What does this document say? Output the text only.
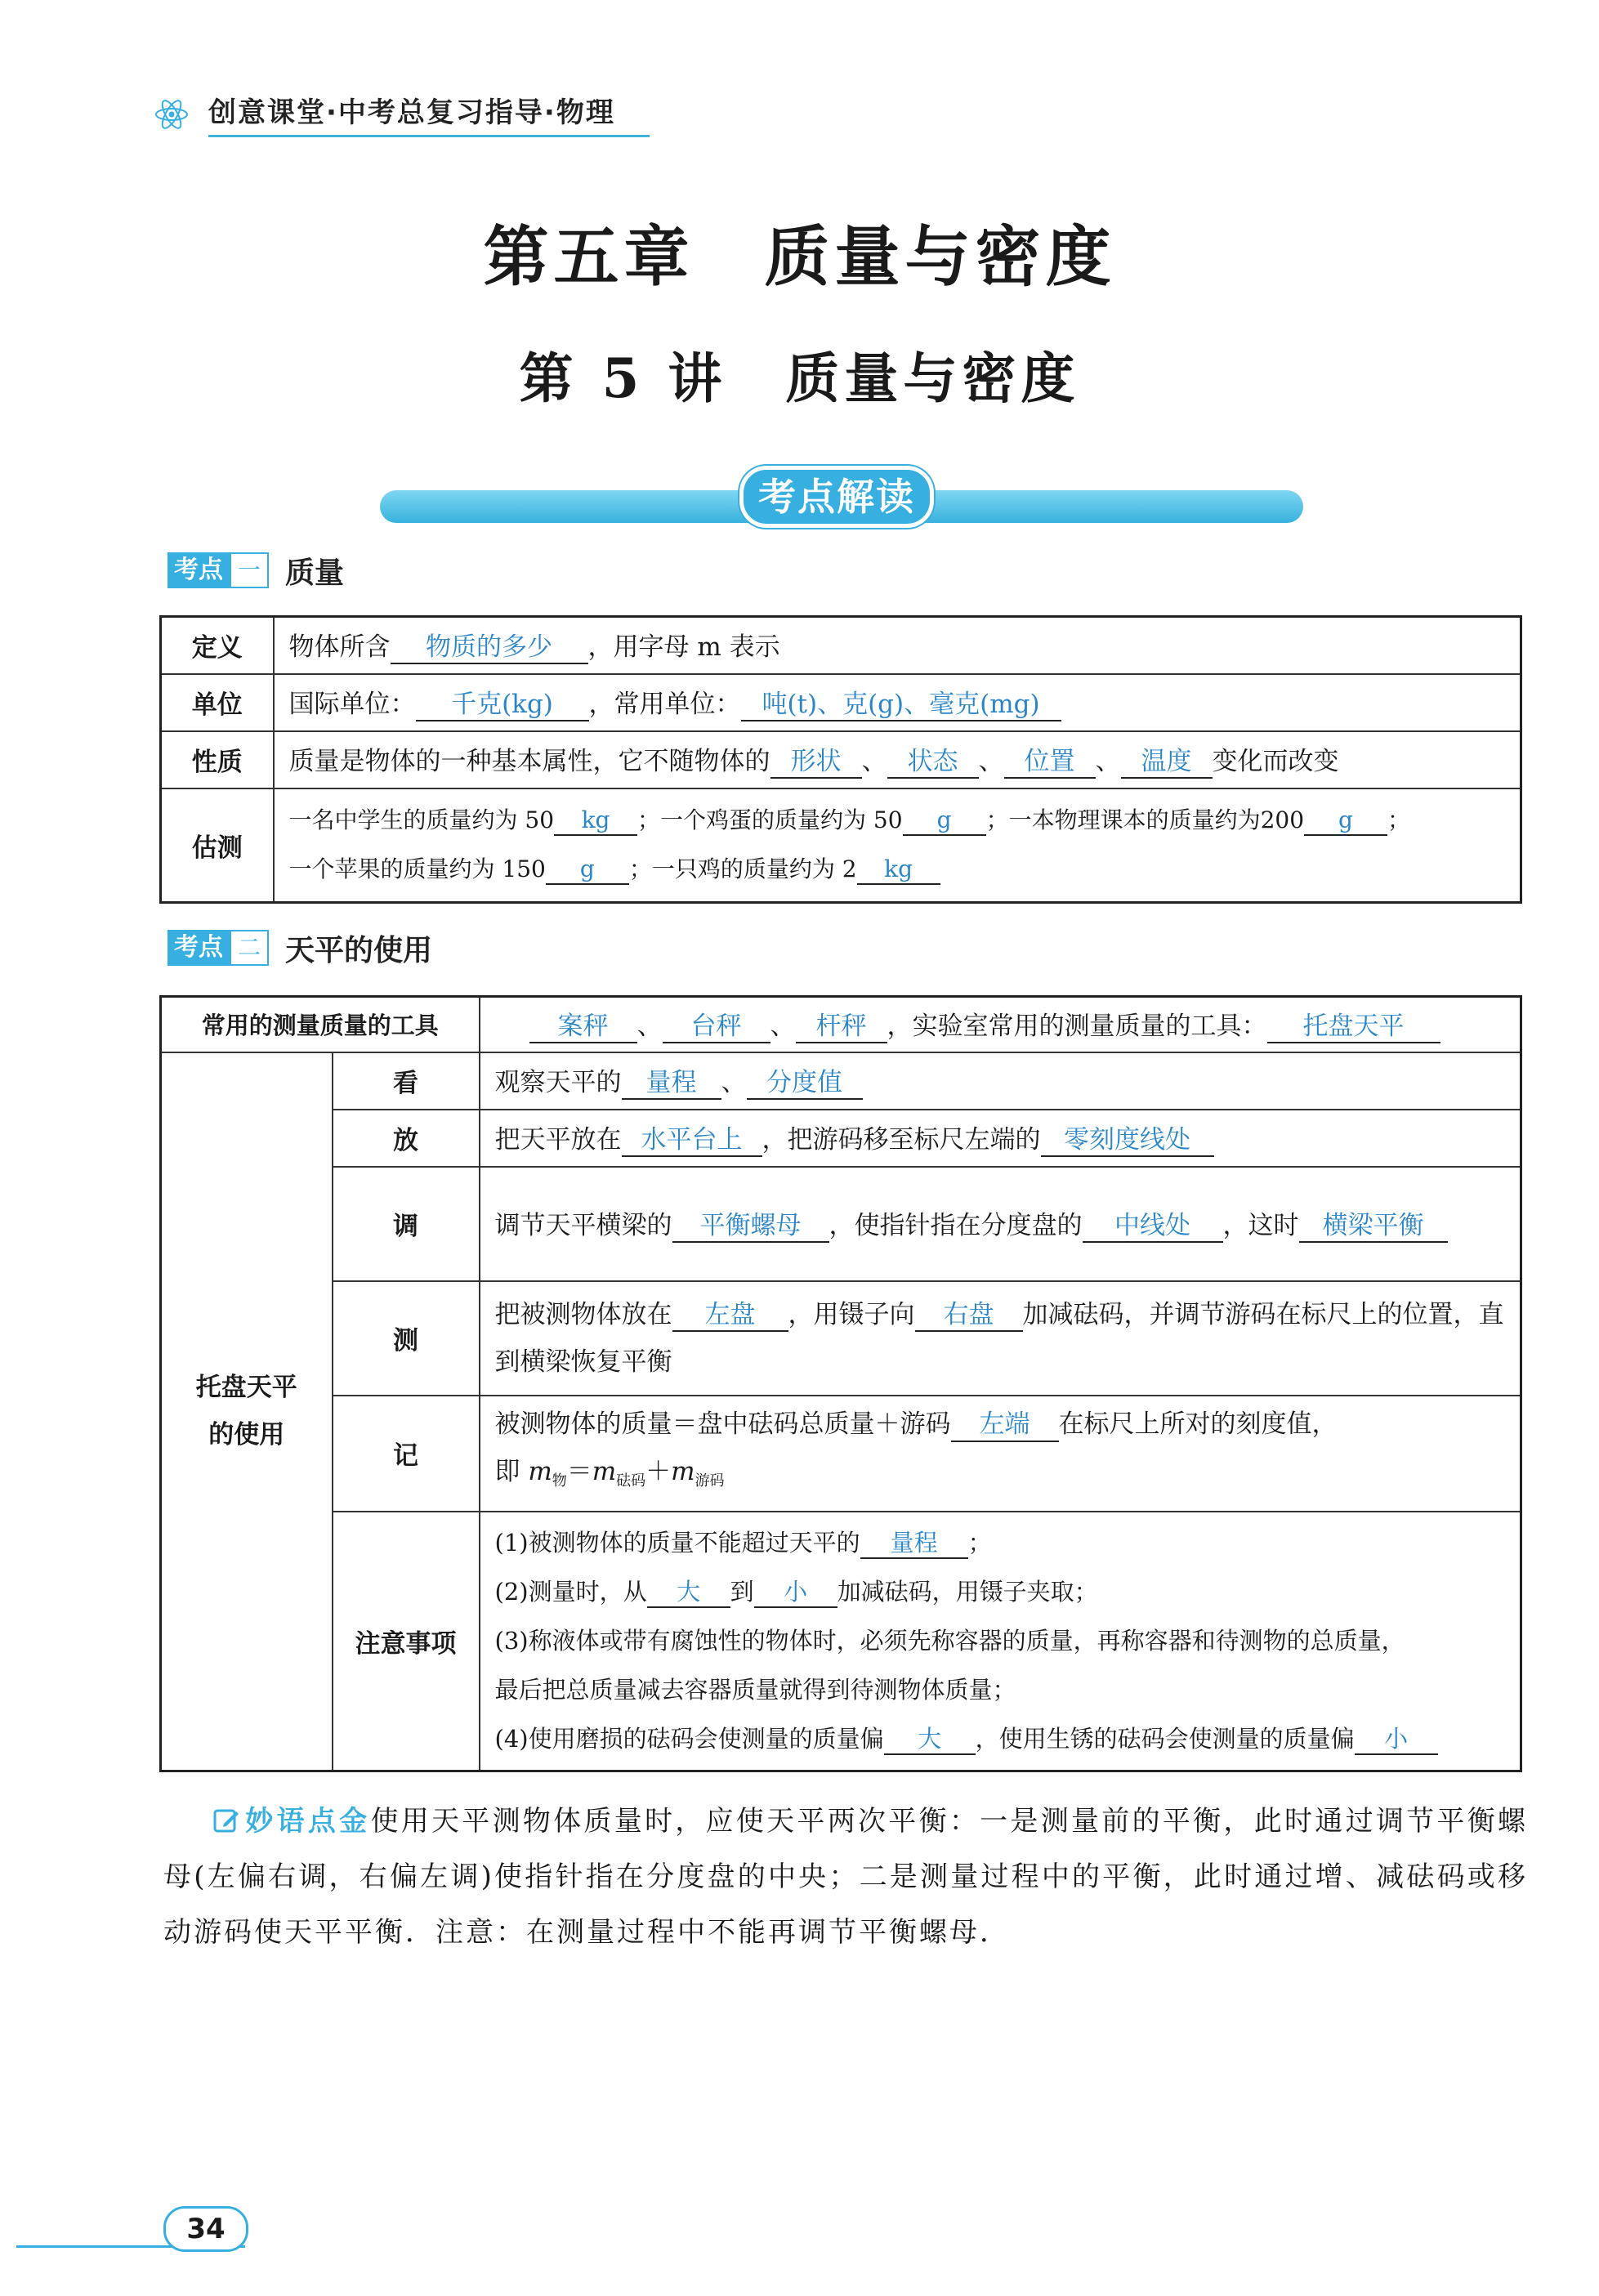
创意课堂·中考总复习指导·物理
第五章　质量与密度
第 5 讲　质量与密度
考点解读
考点 一 质量
定义	物体所含 物质的多少 ，用字母 m 表示
单位	国际单位： 千克(kg) ，常用单位： 吨(t)、克(g)、毫克(mg)
性质	质量是物体的一种基本属性，它不随物体的 形状 、 状态 、 位置 、 温度 变化而改变
估测	一名中学生的质量约为 50 kg ；一个鸡蛋的质量约为 50 g ；一本物理课本的质量约为200 g ；
一个苹果的质量约为 150 g ；一只鸡的质量约为 2 kg
考点 二 天平的使用
常用的测量质量的工具		案秤 、 台秤 、 杆秤 ，实验室常用的测量质量的工具： 托盘天平
托盘天平的使用	看	观察天平的 量程 、 分度值
	放	把天平放在 水平台上 ，把游码移至标尺左端的 零刻度线处
	调	调节天平横梁的 平衡螺母 ，使指针指在分度盘的 中线处 ，这时 横梁平衡
	测	把被测物体放在 左盘 ，用镊子向 右盘 加减砝码，并调节游码在标尺上的位置，直
到横梁恢复平衡

	记	被测物体的质量＝盘中砝码总质量＋游码 左端 在标尺上所对的刻度值，
即 $m_物=m_{砝码}+m_{游码}$

	注意事项	(1)被测物体的质量不能超过天平的 量程 ；
(2)测量时，从 大 到 小 加减砝码，用镊子夹取；
(3)称液体或带有腐蚀性的物体时，必须先称容器的质量，再称容器和待测物的总质量，
最后把总质量减去容器质量就得到待测物体质量；
(4)使用磨损的砝码会使测量的质量偏 大 ，使用生锈的砝码会使测量的质量偏 小
妙语点金使用天平测物体质量时，应使天平两次平衡：一是测量前的平衡，此时通过调节平衡螺母(左偏右调，右偏左调)使指针指在分度盘的中央；二是测量过程中的平衡，此时通过增、减砝码或移动游码使天平平衡．注意：在测量过程中不能再调节平衡螺母．
34
